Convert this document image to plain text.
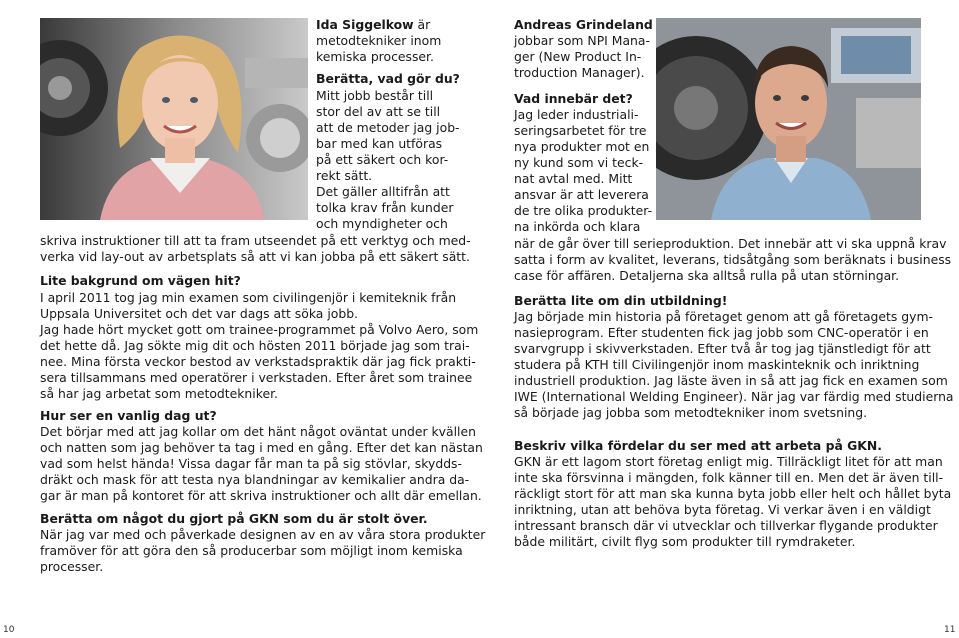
Ida Siggelkow är
metodtekniker inom
kemiska processer.
Berätta, vad gör du?
Mitt jobb består till
stor del av att se till
att de metoder jag job-
bar med kan utföras
på ett säkert och kor-
rekt sätt.
Det gäller alltifrån att
tolka krav från kunder
och myndigheter och
skriva instruktioner till att ta fram utseendet på ett verktyg och med-
verka vid lay-out av arbetsplats så att vi kan jobba på ett säkert sätt.
Lite bakgrund om vägen hit?
I april 2011 tog jag min examen som civilingenjör i kemiteknik från
Uppsala Universitet och det var dags att söka jobb.
Jag hade hört mycket gott om trainee-programmet på Volvo Aero, som
det hette då. Jag sökte mig dit och hösten 2011 började jag som trai-
nee. Mina första veckor bestod av verkstadspraktik där jag fick prakti-
sera tillsammans med operatörer i verkstaden. Efter året som trainee
så har jag arbetat som metodtekniker.
Hur ser en vanlig dag ut?
Det börjar med att jag kollar om det hänt något oväntat under kvällen
och natten som jag behöver ta tag i med en gång. Efter det kan nästan
vad som helst hända! Vissa dagar får man ta på sig stövlar, skydds-
dräkt och mask för att testa nya blandningar av kemikalier andra da-
gar är man på kontoret för att skriva instruktioner och allt där emellan.
Berätta om något du gjort på GKN som du är stolt över.
När jag var med och påverkade designen av en av våra stora produkter
framöver för att göra den så producerbar som möjligt inom kemiska
processer.
Andreas Grindeland
jobbar som NPI Mana-
ger (New Product In-
troduction Manager).
Vad innebär det?
Jag leder industriali-
seringsarbetet för tre
nya produkter mot en
ny kund som vi teck-
nat avtal med. Mitt
ansvar är att leverera
de tre olika produkter-
na inkörda och klara
när de går över till serieproduktion. Det innebär att vi ska uppnå krav
satta i form av kvalitet, leverans, tidsåtgång som beräknats i business
case för affären. Detaljerna ska alltså rulla på utan störningar.
Berätta lite om din utbildning!
Jag började min historia på företaget genom att gå företagets gym-
nasieprogram. Efter studenten fick jag jobb som CNC-operatör i en
svarvgrupp i skivverkstaden. Efter två år tog jag tjänstledigt för att
studera på KTH till Civilingenjör inom maskinteknik och inriktning
industriell produktion. Jag läste även in så att jag fick en examen som
IWE (International Welding Engineer). När jag var färdig med studierna
så började jag jobba som metodtekniker inom svetsning.
Beskriv vilka fördelar du ser med att arbeta på GKN.
GKN är ett lagom stort företag enligt mig. Tillräckligt litet för att man
inte ska försvinna i mängden, folk känner till en. Men det är även till-
räckligt stort för att man ska kunna byta jobb eller helt och hållet byta
inriktning, utan att behöva byta företag. Vi verkar även i en väldigt
intressant bransch där vi utvecklar och tillverkar flygande produkter
både militärt, civilt flyg som produkter till rymdraketer.
10	11
